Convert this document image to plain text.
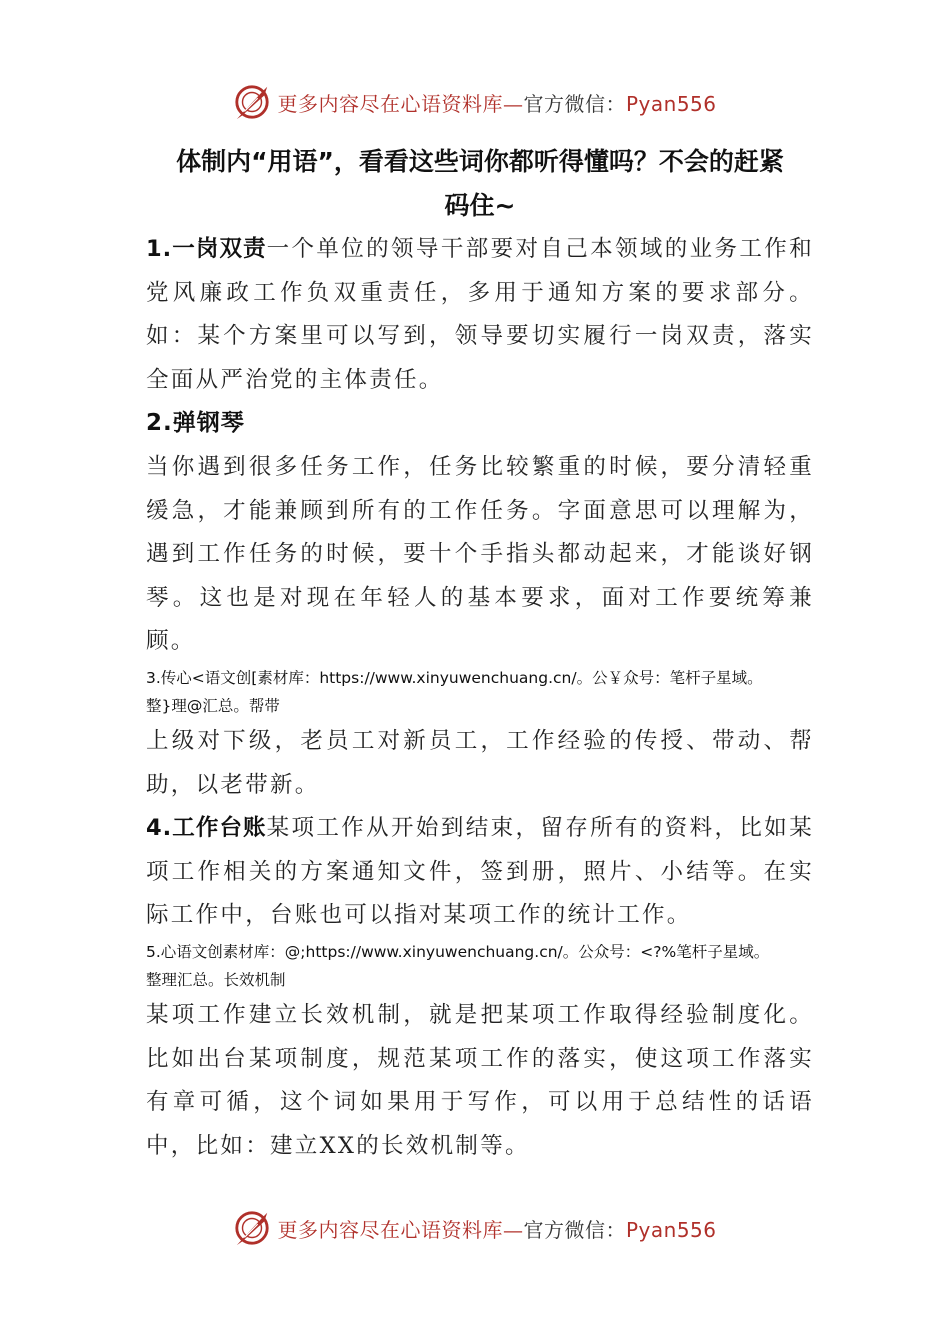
更多内容尽在心语资料库—官方微信：Pyan556

体制内“用语”，看看这些词你都听得懂吗？不会的赶紧

码住~

1.一岗双责一个单位的领导干部要对自己本领域的业务工作和党风廉政工作负双重责任，多用于通知方案的要求部分。如：某个方案里可以写到，领导要切实履行一岗双责，落实全面从严治党的主体责任。

2.弹钢琴

当你遇到很多任务工作，任务比较繁重的时候，要分清轻重缓急，才能兼顾到所有的工作任务。字面意思可以理解为，遇到工作任务的时候，要十个手指头都动起来，才能谈好钢琴。这也是对现在年轻人的基本要求，面对工作要统筹兼顾。

3.传心<语文创[素材库：https://www.xinyuwenchuang.cn/。公￥众号：笔杆子星域。

整}理@汇总。帮带

上级对下级，老员工对新员工，工作经验的传授、带动、帮助，以老带新。

4.工作台账某项工作从开始到结束，留存所有的资料，比如某项工作相关的方案通知文件，签到册，照片、小结等。在实际工作中，台账也可以指对某项工作的统计工作。

5.心语文创素材库：@;https://www.xinyuwenchuang.cn/。公众号：<?%笔杆子星域。

整理汇总。长效机制

某项工作建立长效机制，就是把某项工作取得经验制度化。比如出台某项制度，规范某项工作的落实，使这项工作落实有章可循，这个词如果用于写作，可以用于总结性的话语中，比如：建立XX的长效机制等。

更多内容尽在心语资料库—官方微信：Pyan556
